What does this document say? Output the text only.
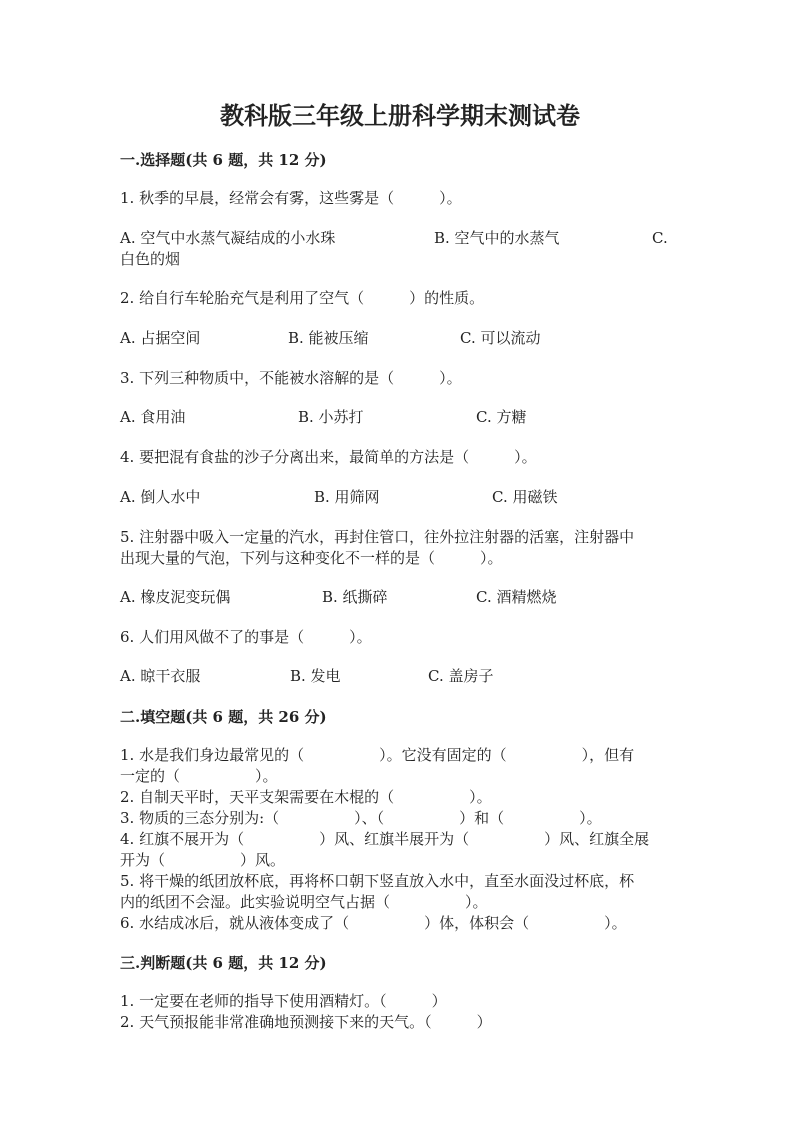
教科版三年级上册科学期末测试卷
一.选择题(共 6 题，共 12 分)
1. 秋季的早晨，经常会有雾，这些雾是（　　　）。
A. 空气中水蒸气凝结成的小水珠	B. 空气中的水蒸气	C.
白色的烟
2. 给自行车轮胎充气是利用了空气（　　　）的性质。
A. 占据空间	B. 能被压缩	C. 可以流动
3. 下列三种物质中，不能被水溶解的是（　　　）。
A. 食用油	B. 小苏打	C. 方糖
4. 要把混有食盐的沙子分离出来，最简单的方法是（　　　）。
A. 倒人水中	B. 用筛网	C. 用磁铁
5. 注射器中吸入一定量的汽水，再封住管口，往外拉注射器的活塞，注射器中
出现大量的气泡，下列与这种变化不一样的是（　　　）。
A. 橡皮泥变玩偶	B. 纸撕碎	C. 酒精燃烧
6. 人们用风做不了的事是（　　　）。
A. 晾干衣服	B. 发电	C. 盖房子
二.填空题(共 6 题，共 26 分)
1. 水是我们身边最常见的（　　　　　）。它没有固定的（　　　　　），但有
一定的（　　　　　）。
2. 自制天平时，天平支架需要在木棍的（　　　　　）。
3. 物质的三态分别为:（　　　　　）、（　　　　　）和（　　　　　）。
4. 红旗不展开为（　　　　　）风、红旗半展开为（　　　　　）风、红旗全展
开为（　　　　　）风。
5. 将干燥的纸团放杯底，再将杯口朝下竖直放入水中，直至水面没过杯底，杯
内的纸团不会湿。此实验说明空气占据（　　　　　）。
6. 水结成冰后，就从液体变成了（　　　　　）体，体积会（　　　　　）。
三.判断题(共 6 题，共 12 分)
1. 一定要在老师的指导下使用酒精灯。（　　　）
2. 天气预报能非常准确地预测接下来的天气。（　　　）
